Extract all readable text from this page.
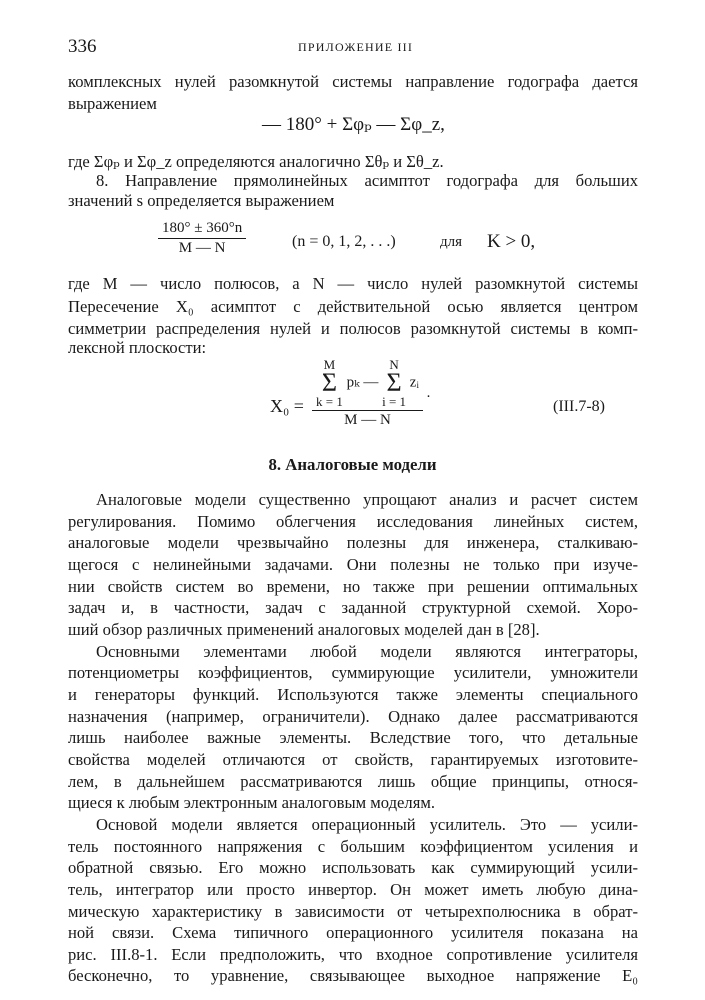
336	ПРИЛОЖЕНИЕ III
комплексных нулей разомкнутой системы направление годографа дается
выражением
— 180° + Σφₚ — Σφ_z,
где Σφₚ и Σφ_z определяются аналогично Σθₚ и Σθ_z.
8. Направление прямолинейных асимптот годографа для больших
значений s определяется выражением
$\frac{180^\circ \pm 360^\circ n}{M — N}$	(n = 0, 1, 2, . . .)	для K > 0,
где M — число полюсов, а N — число нулей разомкнутой системы
Пересечение X₀ асимптот с действительной осью является центром
симметрии распределения нулей и полюсов разомкнутой системы в комп-
лексной плоскости:
X₀ =
M
Σ
k = 1 pₖ — N
Σ
i = 1 zᵢ
M — N
.
(III.7-8)
8. Аналоговые модели
Аналоговые модели существенно упрощают анализ и расчет систем
регулирования. Помимо облегчения исследования линейных систем,
аналоговые модели чрезвычайно полезны для инженера, сталкиваю-
щегося с нелинейными задачами. Они полезны не только при изуче-
нии свойств систем во времени, но также при решении оптимальных
задач и, в частности, задач с заданной структурной схемой. Хоро-
ший обзор различных применений аналоговых моделей дан в [28].
Основными элементами любой модели являются интеграторы,
потенциометры коэффициентов, суммирующие усилители, умножители
и генераторы функций. Используются также элементы специального
назначения (например, ограничители). Однако далее рассматриваются
лишь наиболее важные элементы. Вследствие того, что детальные
свойства моделей отличаются от свойств, гарантируемых изготовите-
лем, в дальнейшем рассматриваются лишь общие принципы, относя-
щиеся к любым электронным аналоговым моделям.
Основой модели является операционный усилитель. Это — усили-
тель постоянного напряжения с большим коэффициентом усиления и
обратной связью. Его можно использовать как суммирующий усили-
тель, интегратор или просто инвертор. Он может иметь любую дина-
мическую характеристику в зависимости от четырехполюсника в обрат-
ной связи. Схема типичного операционного усилителя показана на
рис. III.8-1. Если предположить, что входное сопротивление усилителя
бесконечно, то уравнение, связывающее выходное напряжение E₀
